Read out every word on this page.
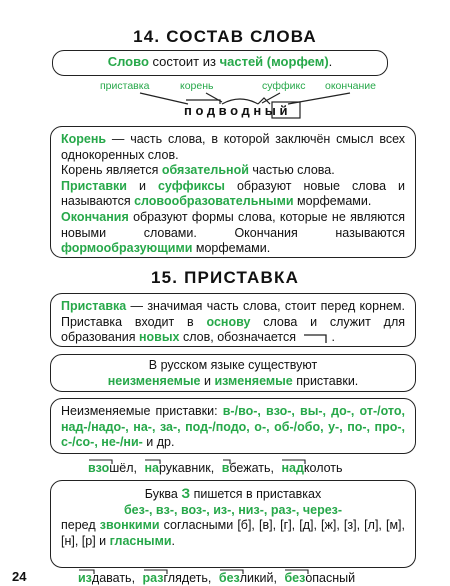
14. СОСТАВ СЛОВА
Слово состоит из частей (морфем).
приставка	корень	суффикс окончание
подводный
Корень — часть слова, в которой заключён смысл всех однокоренных слов.
Корень является обязательной частью слова.
Приставки и суффиксы образуют новые слова и называются словообразовательными морфемами.
Окончания образуют формы слова, которые не являются новыми словами. Окончания называются формообразующими морфемами.
15. ПРИСТАВКА
Приставка — значимая часть слова, стоит перед корнем. Приставка входит в основу слова и служит для образования новых слов, обозначается	.
В русском языке существуют
неизменяемые и изменяемые приставки.
Неизменяемые приставки: в-/во-, взо-, вы-, до-, от-/ото, над-/надо-, на-, за-, под-/подо, о-, об-/обо, у-, по-, про-, с-/со-, не-/ни- и др.
взошёл, нарукавник, вбежать, надколоть
Буква З пишется в приставках
без-, вз-, воз-, из-, низ-, раз-, через-
перед звонкими согласными [б], [в], [г], [д], [ж], [з], [л], [м], [н], [р] и гласными.
издавать, разглядеть, безликий, безопасный
24
